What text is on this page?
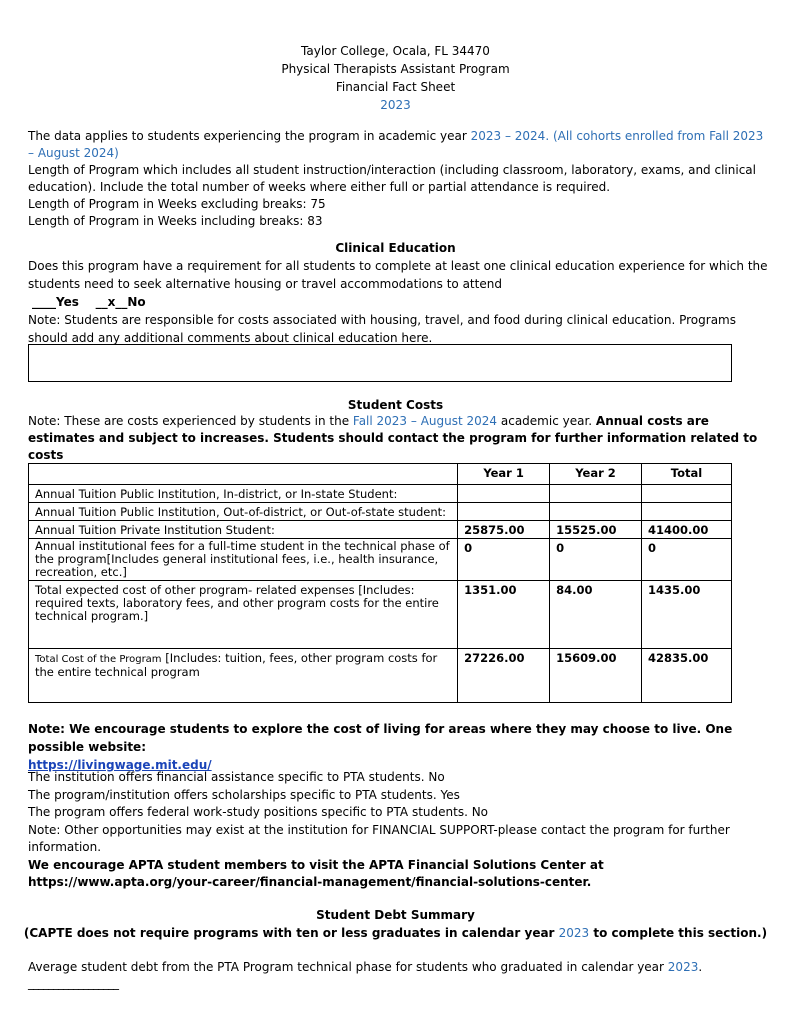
Taylor College, Ocala, FL 34470
Physical Therapists Assistant Program
Financial Fact Sheet
2023

The data applies to students experiencing the program in academic year 2023 – 2024. (All cohorts enrolled from Fall 2023 – August 2024)

Length of Program which includes all student instruction/interaction (including classroom, laboratory, exams, and clinical education). Include the total number of weeks where either full or partial attendance is required.

Length of Program in Weeks excluding breaks: 75

Length of Program in Weeks including breaks: 83

Clinical Education

Does this program have a requirement for all students to complete at least one clinical education experience for which the students need to seek alternative housing or travel accommodations to attend

____Yes __x__No

Note: Students are responsible for costs associated with housing, travel, and food during clinical education. Programs should add any additional comments about clinical education here.

Student Costs

Note: These are costs experienced by students in the Fall 2023 – August 2024 academic year. Annual costs are estimates and subject to increases. Students should contact the program for further information related to costs

	Year 1	Year 2	Total
Annual Tuition Public Institution, In-district, or In-state Student:			
Annual Tuition Public Institution, Out-of-district, or Out-of-state student:			
Annual Tuition Private Institution Student:	25875.00	15525.00	41400.00
Annual institutional fees for a full-time student in the technical phase of the program[Includes general institutional fees, i.e., health insurance, recreation, etc.]	0	0	0
Total expected cost of other program- related expenses [Includes: required texts, laboratory fees, and other program costs for the entire technical program.]	1351.00	84.00	1435.00
Total Cost of the Program [Includes: tuition, fees, other program costs for the entire technical program	27226.00	15609.00	42835.00

Note: We encourage students to explore the cost of living for areas where they may choose to live. One possible website:

https://livingwage.mit.edu/

The institution offers financial assistance specific to PTA students. No

The program/institution offers scholarships specific to PTA students. Yes

The program offers federal work-study positions specific to PTA students. No

Note: Other opportunities may exist at the institution for FINANCIAL SUPPORT-please contact the program for further information.

We encourage APTA student members to visit the APTA Financial Solutions Center at https://www.apta.org/your-career/financial-management/financial-solutions-center.

Student Debt Summary
(CAPTE does not require programs with ten or less graduates in calendar year 2023 to complete this section.)

Average student debt from the PTA Program technical phase for students who graduated in calendar year 2023.

__________________
